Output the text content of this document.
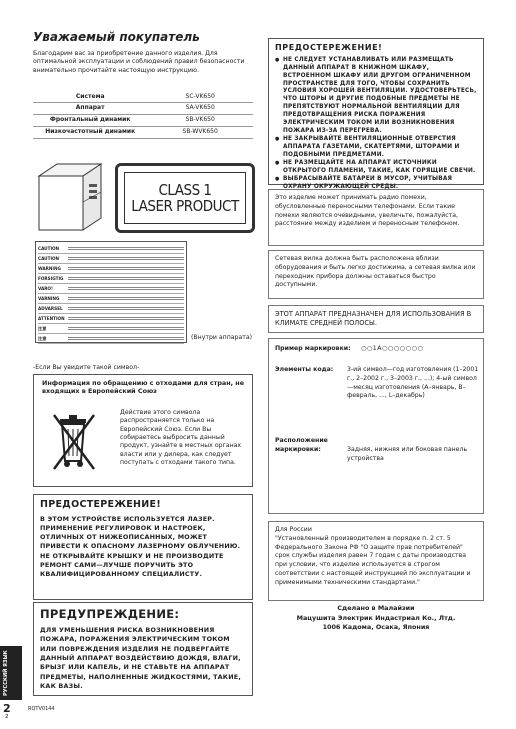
Уважаемый покупатель
Благодарим вас за приобретение данного изделия. Для оптимальной эксплуатации и соблюдений правил безопасности внимательно прочитайте настоящую инструкцию.
Система	SC-VK650
Аппарат	SA-VK650
Фронтальный динамик	SB-VK650
Низкочастотный динамик	SB-WVK650
CLASS 1
LASER PRODUCT
CAUTION
CAUTION
WARNING
FORSIGTIG
VARO!
VARNING
ADVARSEL
ATTENTION
注意
注意	(Внутри аппарата)
-Если Вы увидите такой символ-
Информация по обращению с отходами для стран, не входящих в Европейский Союз
Действие этого символа распространяется только на Европейский Союз. Если Вы собираетесь выбросить данный продукт, узнайте в местных органах власти или у дилера, как следует поступать с отходами такого типа.
ПРЕДОСТЕРЕЖЕНИЕ!
В ЭТОМ УСТРОЙСТВЕ ИСПОЛЬЗУЕТСЯ ЛАЗЕР. ПРИМЕНЕНИЕ РЕГУЛИРОВОК И НАСТРОЕК, ОТЛИЧНЫХ ОТ НИЖЕОПИСАННЫХ, МОЖЕТ ПРИВЕСТИ К ОПАСНОМУ ЛАЗЕРНОМУ ОБЛУЧЕНИЮ. НЕ ОТКРЫВАЙТЕ КРЫШКУ И НЕ ПРОИЗВОДИТЕ РЕМОНТ САМИ—ЛУЧШЕ ПОРУЧИТЬ ЭТО КВАЛИФИЦИРОВАННОМУ СПЕЦИАЛИСТУ.
ПРЕДУПРЕЖДЕНИЕ:
ДЛЯ УМЕНЬШЕНИЯ РИСКА ВОЗНИКНОВЕНИЯ ПОЖАРА, ПОРАЖЕНИЯ ЭЛЕКТРИЧЕСКИМ ТОКОМ ИЛИ ПОВРЕЖДЕНИЯ ИЗДЕЛИЯ НЕ ПОДВЕРГАЙТЕ ДАННЫЙ АППАРАТ ВОЗДЕЙСТВИЮ ДОЖДЯ, ВЛАГИ, БРЫЗГ ИЛИ КАПЕЛЬ, И НЕ СТАВЬТЕ НА АППАРАТ ПРЕДМЕТЫ, НАПОЛНЕННЫЕ ЖИДКОСТЯМИ, ТАКИЕ, КАК ВАЗЫ.
РУССКИЙ ЯЗЫК
2
2
RQTV0144
ПРЕДОСТЕРЕЖЕНИЕ!
● НЕ СЛЕДУЕТ УСТАНАВЛИВАТЬ ИЛИ РАЗМЕЩАТЬ ДАННЫЙ АППАРАТ В КНИЖНОМ ШКАФУ, ВСТРОЕННОМ ШКАФУ ИЛИ ДРУГОМ ОГРАНИЧЕННОМ ПРОСТРАНСТВЕ ДЛЯ ТОГО, ЧТОБЫ СОХРАНИТЬ УСЛОВИЯ ХОРОШЕЙ ВЕНТИЛЯЦИИ. УДОСТОВЕРЬТЕСЬ, ЧТО ШТОРЫ И ДРУГИЕ ПОДОБНЫЕ ПРЕДМЕТЫ НЕ ПРЕПЯТСТВУЮТ НОРМАЛЬНОЙ ВЕНТИЛЯЦИИ ДЛЯ ПРЕДОТВРАЩЕНИЯ РИСКА ПОРАЖЕНИЯ ЭЛЕКТРИЧЕСКИМ ТОКОМ ИЛИ ВОЗНИКНОВЕНИЯ ПОЖАРА ИЗ-ЗА ПЕРЕГРЕВА.
● НЕ ЗАКРЫВАЙТЕ ВЕНТИЛЯЦИОННЫЕ ОТВЕРСТИЯ АППАРАТА ГАЗЕТАМИ, СКАТЕРТЯМИ, ШТОРАМИ И ПОДОБНЫМИ ПРЕДМЕТАМИ.
● НЕ РАЗМЕЩАЙТЕ НА АППАРАТ ИСТОЧНИКИ ОТКРЫТОГО ПЛАМЕНИ, ТАКИЕ, КАК ГОРЯЩИЕ СВЕЧИ.
● ВЫБРАСЫВАЙТЕ БАТАРЕИ В МУСОР, УЧИТЫВАЯ ОХРАНУ ОКРУЖАЮЩЕЙ СРЕДЫ.
Это изделие может принимать радио помехи, обусловленные переносными телефонами. Если такие помехи являются очевидными, увеличьте, пожалуйста, расстояние между изделием и переносным телефоном.
Сетевая вилка должна быть расположена вблизи оборудования и быть легко достижима, а сетевая вилка или переходник прибора должны оставаться быстро доступными.
ЭТОТ АППАРАТ ПРЕДНАЗНАЧЕН ДЛЯ ИСПОЛЬЗОВАНИЯ В КЛИМАТЕ СРЕДНЕЙ ПОЛОСЫ.
Пример маркировки: ○○1А○○○○○○○
Элементы кода: 3-ий символ—год изготовления (1–2001 г., 2–2002 г., 3–2003 г., ...); 4-ый символ—месяц изготовления (А–январь, В–февраль, ..., L–декабрь)
Расположение маркировки:	Задняя, нижняя или боковая панель устройства
Для России
"Установленный производителем в порядке п. 2 ст. 5 Федерального Закона РФ "О защите прав потребителей" срок службы изделия равен 7 годам с даты производства при условии, что изделие используется в строгом соответствии с настоящей инструкцией по эксплуатации и применимыми техническими стандартами."
Сделано в Малайзии
Мацушита Электрик Индастриал Ко., Лтд.
1006 Кадома, Осака, Япония
